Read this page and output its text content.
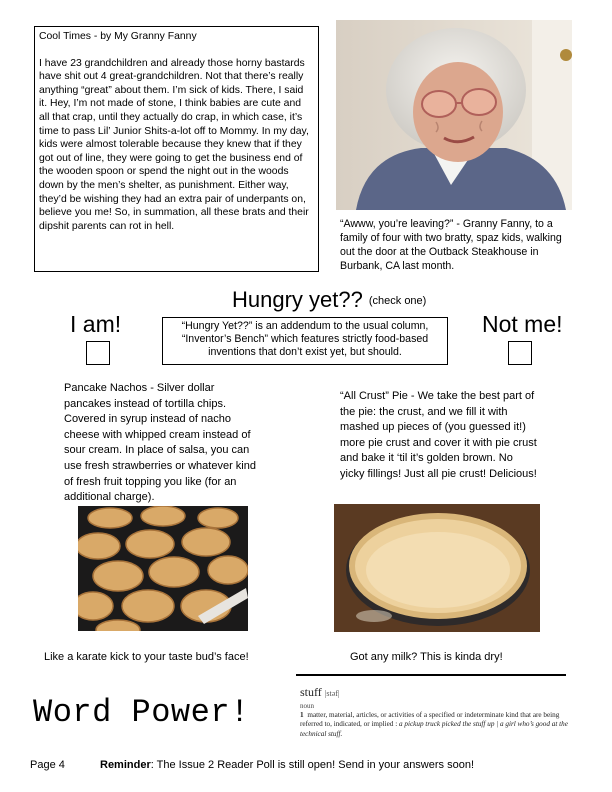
Cool Times - by My Granny Fanny

I have 23 grandchildren and already those horny bastards have shit out 4 great-grandchildren. Not that there’s really anything “great” about them. I’m sick of kids. There, I said it. Hey, I’m not made of stone, I think babies are cute and all that crap, until they actually do crap, in which case, it’s time to pass Lil’ Junior Shits-a-lot off to Mommy. In my day, kids were almost tolerable because they knew that if they got out of line, they were going to get the business end of the wooden spoon or spend the night out in the woods down by the men’s shelter, as punishment. Either way, they’d be wishing they had an extra pair of underpants on, believe you me! So, in summation, all these brats and their dipshit parents can rot in hell.	“Awww, you’re leaving?” - Granny Fanny, to a family of four with two bratty, spaz kids, walking out the door at the Outback Steakhouse in Burbank, CA last month.
Hungry yet?? $^{(check one)}$
I am!	“Hungry Yet??” is an addendum to the usual column, “Inventor’s Bench” which features strictly food-based inventions that don’t exist yet, but should.
Not me!
Pancake Nachos - Silver dollar pancakes instead of tortilla chips. Covered in syrup instead of nacho cheese with whipped cream instead of sour cream. In place of salsa, you can use fresh strawberries or whatever kind of fresh fruit topping you like (for an additional charge).
“All Crust” Pie - We take the best part of the pie: the crust, and we fill it with mashed up pieces of (you guessed it!) more pie crust and cover it with pie crust and bake it ‘til it’s golden brown. No yicky fillings! Just all pie crust! Delicious!
Like a karate kick to your taste bud’s face!	Got any milk? This is kinda dry!
Word Power!
stuff |stəf|
noun
1 matter, material, articles, or activities of a specified or indeterminate kind that are being referred to, indicated, or implied : a pickup truck picked the stuff up | a girl who’s good at the technical stuff.
Page 4	Reminder: The Issue 2 Reader Poll is still open! Send in your answers soon!
